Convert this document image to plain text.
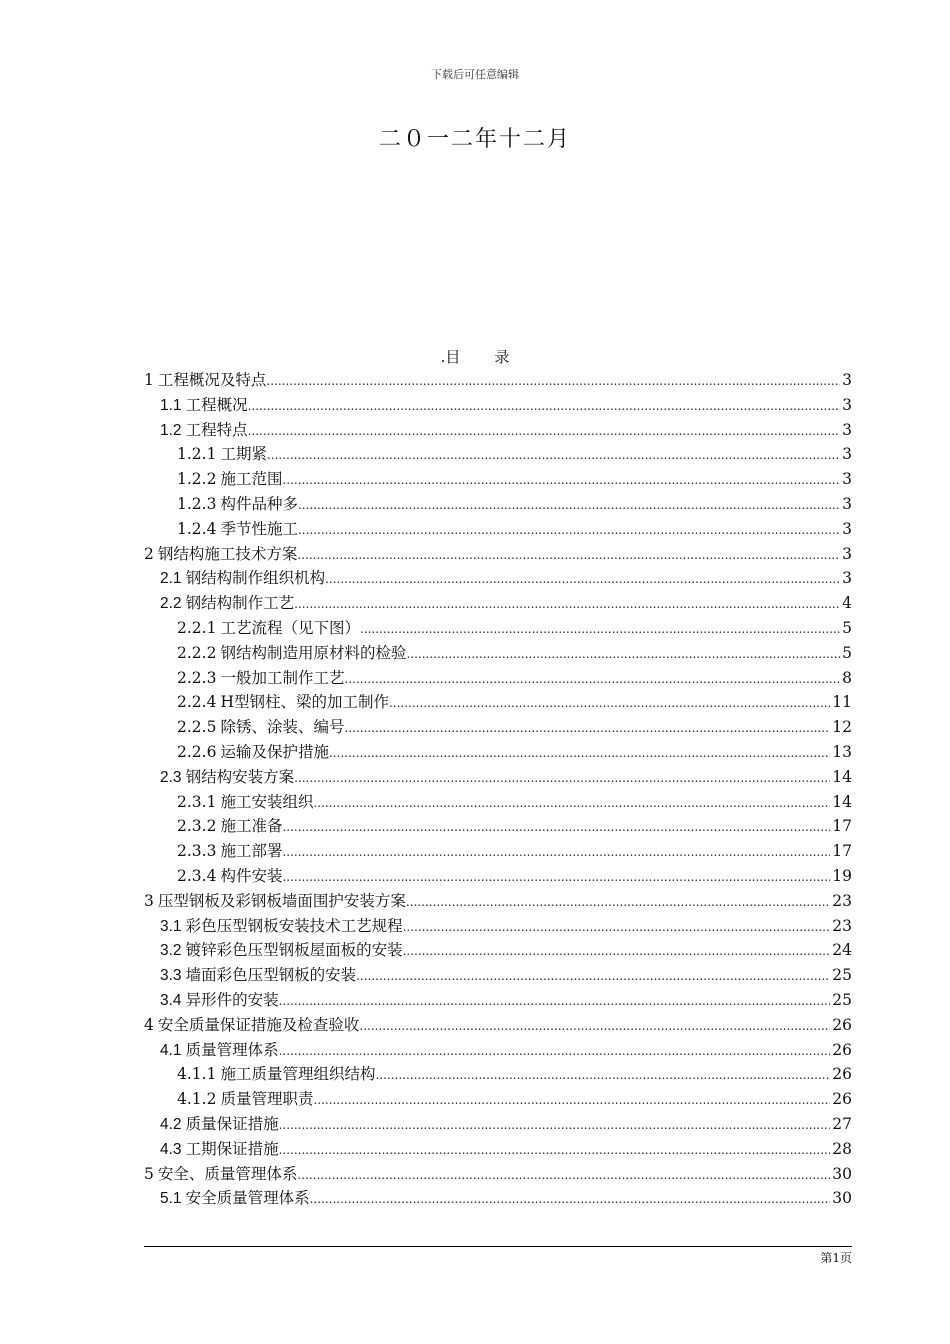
下载后可任意编辑
二０一二年十二月
.目 录
1 工程概况及特点 .....	3
1.1 工程概况 .....	3
1.2 工程特点 .....	3
1.2.1 工期紧 .....	3
1.2.2 施工范围 .....	3
1.2.3 构件品种多 .....	3
1.2.4 季节性施工 .....	3
2 钢结构施工技术方案 .....	3
2.1 钢结构制作组织机构 .....	3
2.2 钢结构制作工艺 .....	4
2.2.1 工艺流程（见下图） .....	5
2.2.2 钢结构制造用原材料的检验 .....	5
2.2.3 一般加工制作工艺 .....	8
2.2.4 H型钢柱、梁的加工制作 .....	11
2.2.5 除锈、涂装、编号 .....	12
2.2.6 运输及保护措施 .....	13
2.3 钢结构安装方案 .....	14
2.3.1 施工安装组织 .....	14
2.3.2 施工准备 .....	17
2.3.3 施工部署 .....	17
2.3.4 构件安装 .....	19
3 压型钢板及彩钢板墙面围护安装方案 .....	23
3.1 彩色压型钢板安装技术工艺规程 .....	23
3.2 镀锌彩色压型钢板屋面板的安装 .....	24
3.3 墙面彩色压型钢板的安装 .....	25
3.4 异形件的安装 .....	25
4 安全质量保证措施及检查验收 .....	26
4.1 质量管理体系 .....	26
4.1.1 施工质量管理组织结构 .....	26
4.1.2 质量管理职责 .....	26
4.2 质量保证措施 .....	27
4.3 工期保证措施 .....	28
5 安全、质量管理体系 .....	30
5.1 安全质量管理体系 .....	30
第1页
